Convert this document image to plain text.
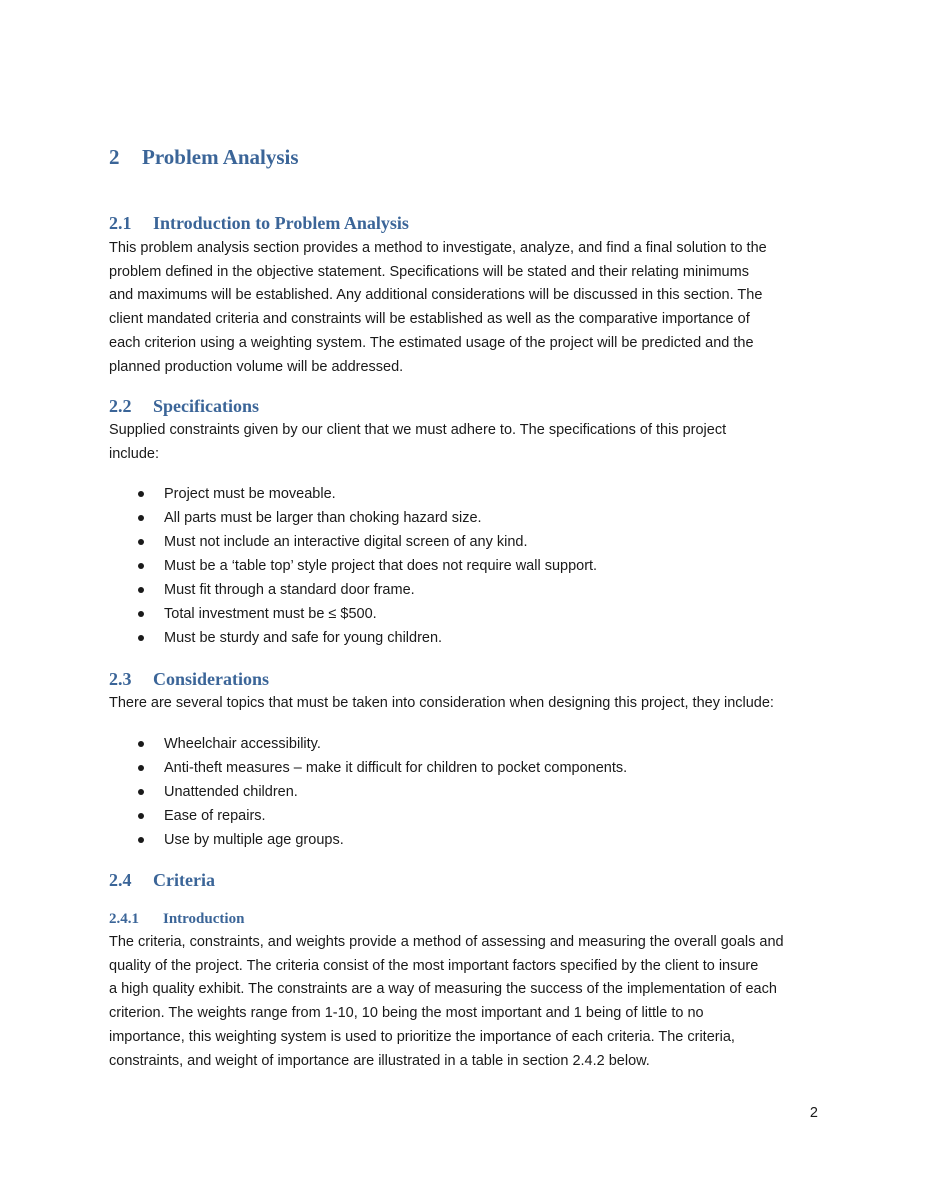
2 Problem Analysis
2.1 Introduction to Problem Analysis

This problem analysis section provides a method to investigate, analyze, and find a final solution to the
problem defined in the objective statement. Specifications will be stated and their relating minimums
and maximums will be established. Any additional considerations will be discussed in this section. The
client mandated criteria and constraints will be established as well as the comparative importance of
each criterion using a weighting system. The estimated usage of the project will be predicted and the
planned production volume will be addressed.

2.2 Specifications

Supplied constraints given by our client that we must adhere to. The specifications of this project
include:

Project must be moveable.
All parts must be larger than choking hazard size.
Must not include an interactive digital screen of any kind.
Must be a ‘table top’ style project that does not require wall support.
Must fit through a standard door frame.
Total investment must be ≤ $500.
Must be sturdy and safe for young children.
2.3 Considerations

There are several topics that must be taken into consideration when designing this project, they include:

Wheelchair accessibility.
Anti-theft measures – make it difficult for children to pocket components.
Unattended children.
Ease of repairs.
Use by multiple age groups.
2.4 Criteria
2.4.1 Introduction

The criteria, constraints, and weights provide a method of assessing and measuring the overall goals and
quality of the project. The criteria consist of the most important factors specified by the client to insure
a high quality exhibit. The constraints are a way of measuring the success of the implementation of each
criterion. The weights range from 1-10, 10 being the most important and 1 being of little to no
importance, this weighting system is used to prioritize the importance of each criteria. The criteria,
constraints, and weight of importance are illustrated in a table in section 2.4.2 below.

2
